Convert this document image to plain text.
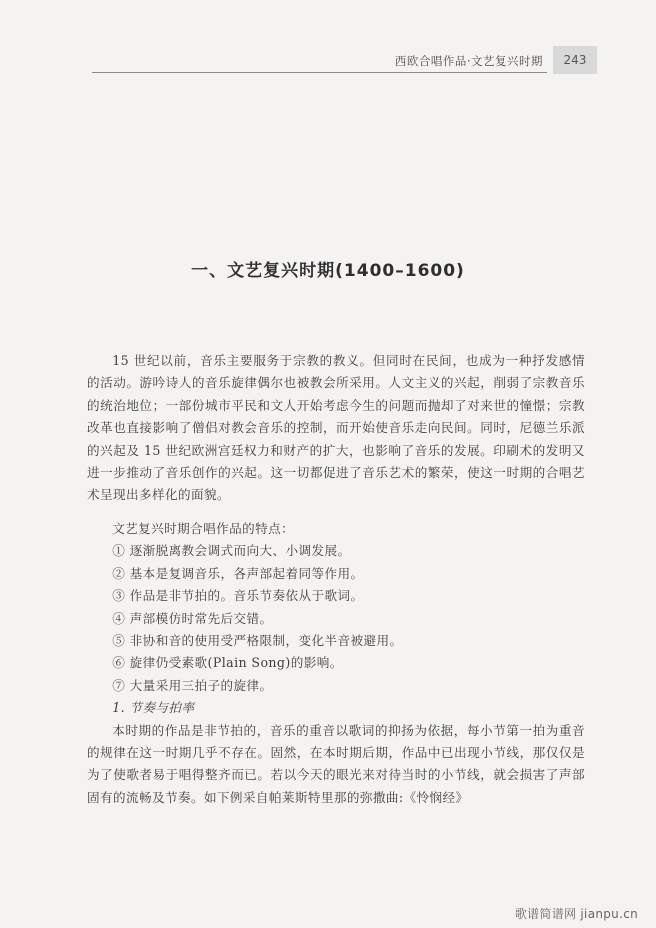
西欧合唱作品·文艺复兴时期	243
一、文艺复兴时期(1400–1600)

15 世纪以前，音乐主要服务于宗教的教义。但同时在民间，也成为一种抒发感情的活动。游吟诗人的音乐旋律偶尔也被教会所采用。人文主义的兴起，削弱了宗教音乐的统治地位；一部份城市平民和文人开始考虑今生的问题而抛却了对来世的憧憬；宗教改革也直接影响了僧侣对教会音乐的控制，而开始使音乐走向民间。同时，尼德兰乐派的兴起及 15 世纪欧洲宫廷权力和财产的扩大，也影响了音乐的发展。印刷术的发明又进一步推动了音乐创作的兴起。这一切都促进了音乐艺术的繁荣，使这一时期的合唱艺术呈现出多样化的面貌。

文艺复兴时期合唱作品的特点：

① 逐渐脱离教会调式而向大、小调发展。
② 基本是复调音乐，各声部起着同等作用。
③ 作品是非节拍的。音乐节奏依从于歌词。
④ 声部模仿时常先后交错。
⑤ 非协和音的使用受严格限制，变化半音被避用。
⑥ 旋律仍受素歌(Plain Song)的影响。
⑦ 大量采用三拍子的旋律。
1. 节奏与拍率

本时期的作品是非节拍的，音乐的重音以歌词的抑扬为依据，每小节第一拍为重音的规律在这一时期几乎不存在。固然，在本时期后期，作品中已出现小节线，那仅仅是为了使歌者易于唱得整齐而已。若以今天的眼光来对待当时的小节线，就会损害了声部固有的流畅及节奏。如下例采自帕莱斯特里那的弥撒曲:《怜悯经》

歌谱简谱网 jianpu.cn
